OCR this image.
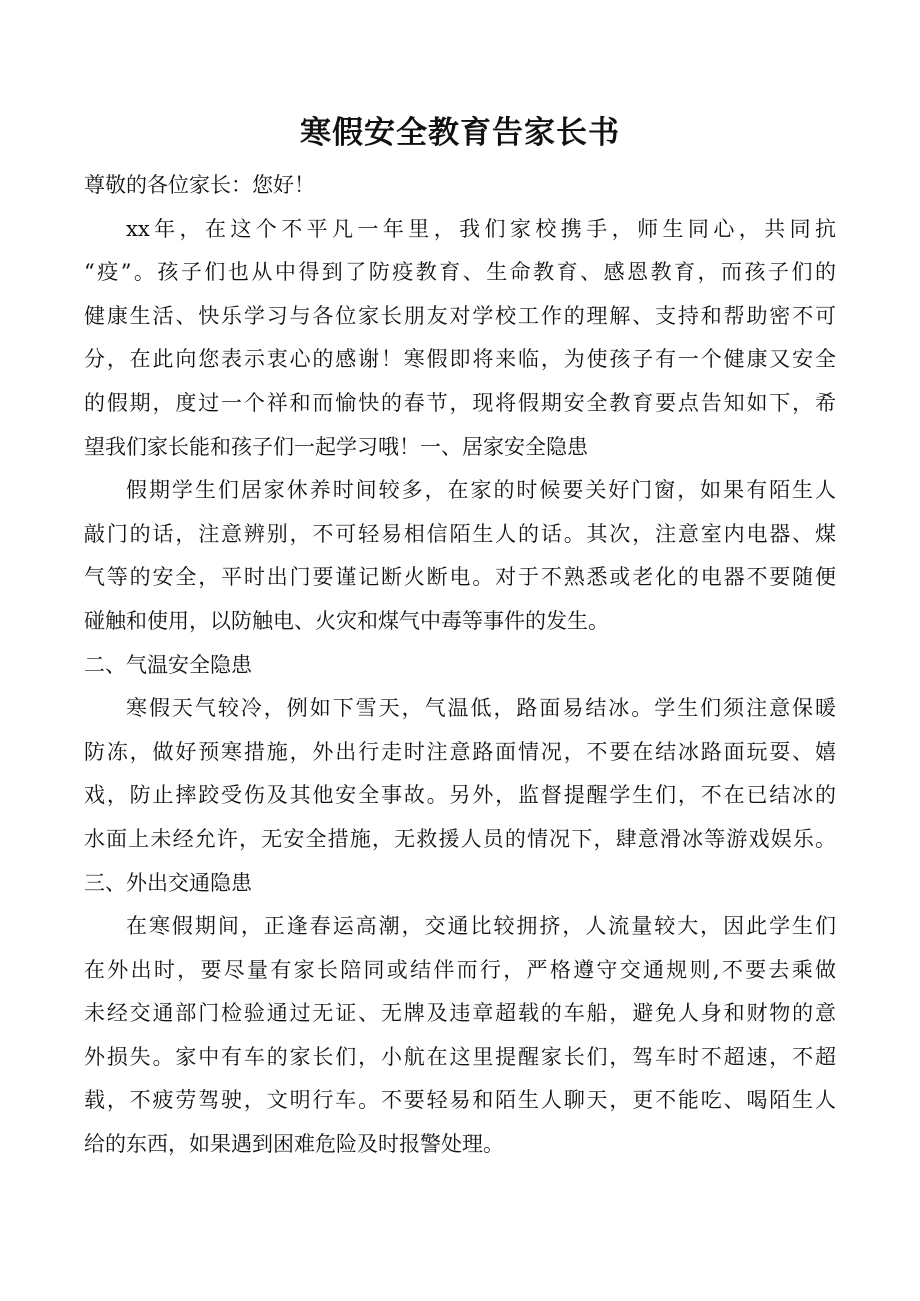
寒假安全教育告家长书

尊敬的各位家长：您好！

xx年，在这个不平凡一年里，我们家校携手，师生同心，共同抗
“疫”。孩子们也从中得到了防疫教育、生命教育、感恩教育，而孩子们的
健康生活、快乐学习与各位家长朋友对学校工作的理解、支持和帮助密不可
分，在此向您表示衷心的感谢！寒假即将来临，为使孩子有一个健康又安全
的假期，度过一个祥和而愉快的春节，现将假期安全教育要点告知如下，希
望我们家长能和孩子们一起学习哦！一、居家安全隐患
假期学生们居家休养时间较多，在家的时候要关好门窗，如果有陌生人
敲门的话，注意辨别，不可轻易相信陌生人的话。其次，注意室内电器、煤
气等的安全，平时出门要谨记断火断电。对于不熟悉或老化的电器不要随便
碰触和使用，以防触电、火灾和煤气中毒等事件的发生。

二、气温安全隐患

寒假天气较冷，例如下雪天，气温低，路面易结冰。学生们须注意保暖
防冻，做好预寒措施，外出行走时注意路面情况，不要在结冰路面玩耍、嬉
戏，防止摔跤受伤及其他安全事故。另外，监督提醒学生们，不在已结冰的
水面上未经允许，无安全措施，无救援人员的情况下，肆意滑冰等游戏娱乐。

三、外出交通隐患

在寒假期间，正逢春运高潮，交通比较拥挤，人流量较大，因此学生们
在外出时，要尽量有家长陪同或结伴而行，严格遵守交通规则,不要去乘做
未经交通部门检验通过无证、无牌及违章超载的车船，避免人身和财物的意
外损失。家中有车的家长们，小航在这里提醒家长们，驾车时不超速，不超
载，不疲劳驾驶，文明行车。不要轻易和陌生人聊天，更不能吃、喝陌生人
给的东西，如果遇到困难危险及时报警处理。
